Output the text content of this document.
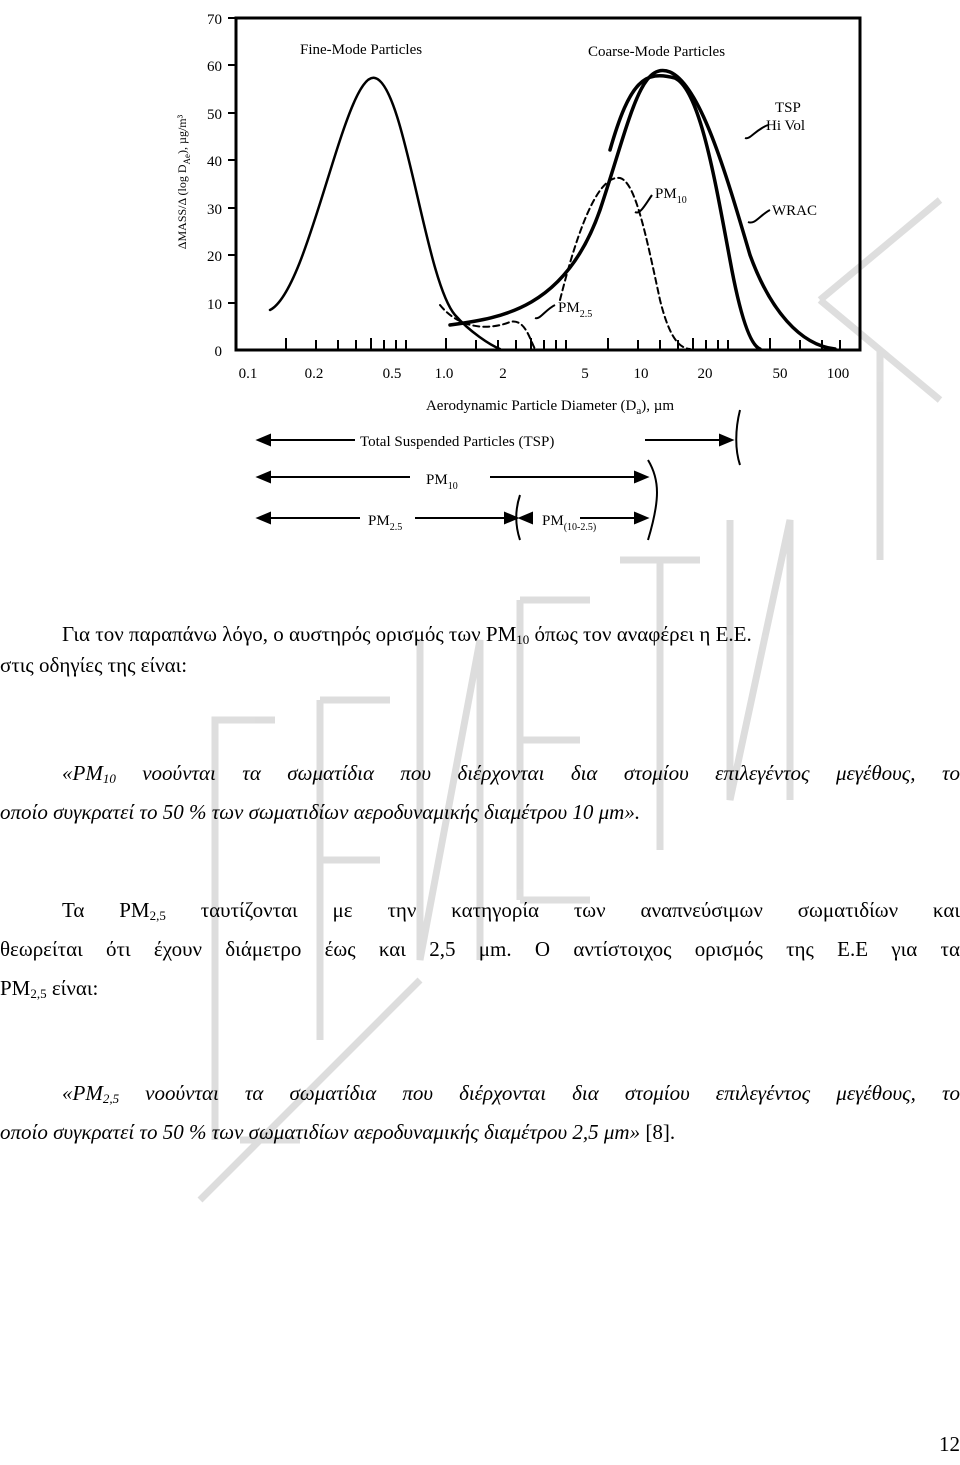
70
60
50
40
30
20
10
0
ΔMASS/Δ (log $D_{Ae}$), µg/m³
0.1	0.2	0.5 1.0	2	5	10	20	50	100
Aerodynamic Particle Diameter $(D_a)$, µm
Fine-Mode Particles	Coarse-Mode Particles
TSP
Hi Vol
WRAC
$PM_{10}$
$PM_{2.5}$
Total Suspended Particles (TSP)
$PM_{10}$
$PM_{2.5}$	$PM_{(10-2.5)}$
Για τον παραπάνω λόγο, ο αυστηρός ορισμός των $PM_{10}$ όπως τον αναφέρει η Ε.Ε.
στις οδηγίες της είναι:
«$PM_{10}$ νοούνται τα σωματίδια που διέρχονται δια στομίου επιλεγέντος μεγέθους, το
οποίο συγκρατεί το 50 % των σωματιδίων αεροδυναμικής διαμέτρου 10 μm».
Τα $PM_{2,5}$ ταυτίζονται με την κατηγορία των αναπνεύσιμων σωματιδίων και
θεωρείται ότι έχουν διάμετρο έως και 2,5 μm. Ο αντίστοιχος ορισμός της Ε.Ε για τα
$PM_{2,5}$ είναι:
«$PM_{2,5}$ νοούνται τα σωματίδια που διέρχονται δια στομίου επιλεγέντος μεγέθους, το
οποίο συγκρατεί το 50 % των σωματιδίων αεροδυναμικής διαμέτρου 2,5 μm» [8].
12
